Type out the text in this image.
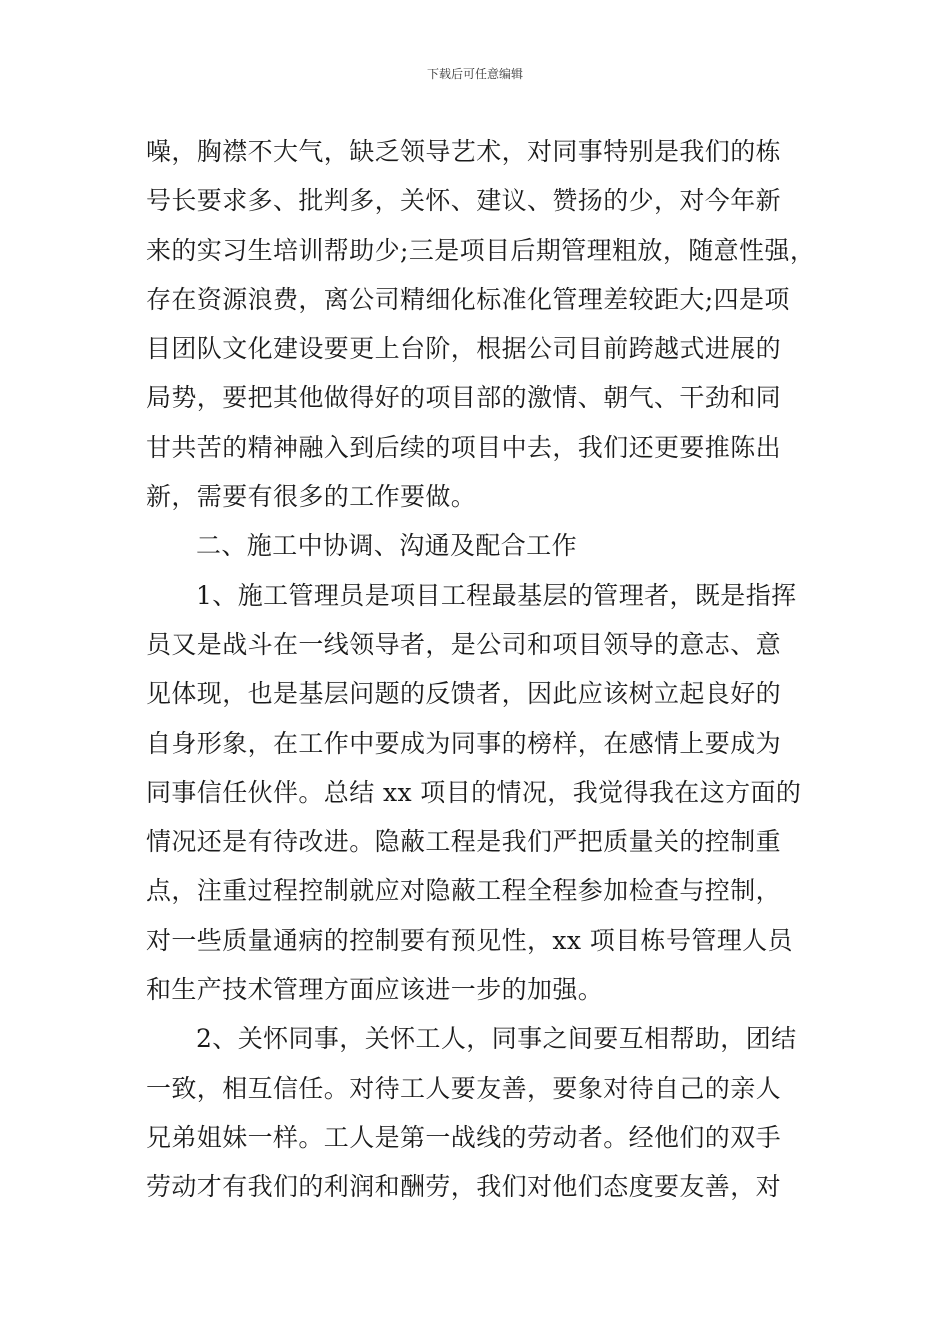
下载后可任意编辑
噪，胸襟不大气，缺乏领导艺术，对同事特别是我们的栋
号长要求多、批判多，关怀、建议、赞扬的少，对今年新
来的实习生培训帮助少;三是项目后期管理粗放，随意性强，
存在资源浪费，离公司精细化标准化管理差较距大;四是项
目团队文化建设要更上台阶，根据公司目前跨越式进展的
局势，要把其他做得好的项目部的激情、朝气、干劲和同
甘共苦的精神融入到后续的项目中去，我们还更要推陈出
新，需要有很多的工作要做。
二、施工中协调、沟通及配合工作
1、施工管理员是项目工程最基层的管理者，既是指挥
员又是战斗在一线领导者，是公司和项目领导的意志、意
见体现，也是基层问题的反馈者，因此应该树立起良好的
自身形象，在工作中要成为同事的榜样，在感情上要成为
同事信任伙伴。总结 xx 项目的情况，我觉得我在这方面的
情况还是有待改进。隐蔽工程是我们严把质量关的控制重
点，注重过程控制就应对隐蔽工程全程参加检查与控制，
对一些质量通病的控制要有预见性，xx 项目栋号管理人员
和生产技术管理方面应该进一步的加强。
2、关怀同事，关怀工人，同事之间要互相帮助，团结
一致，相互信任。对待工人要友善，要象对待自己的亲人
兄弟姐妹一样。工人是第一战线的劳动者。经他们的双手
劳动才有我们的利润和酬劳，我们对他们态度要友善，对
